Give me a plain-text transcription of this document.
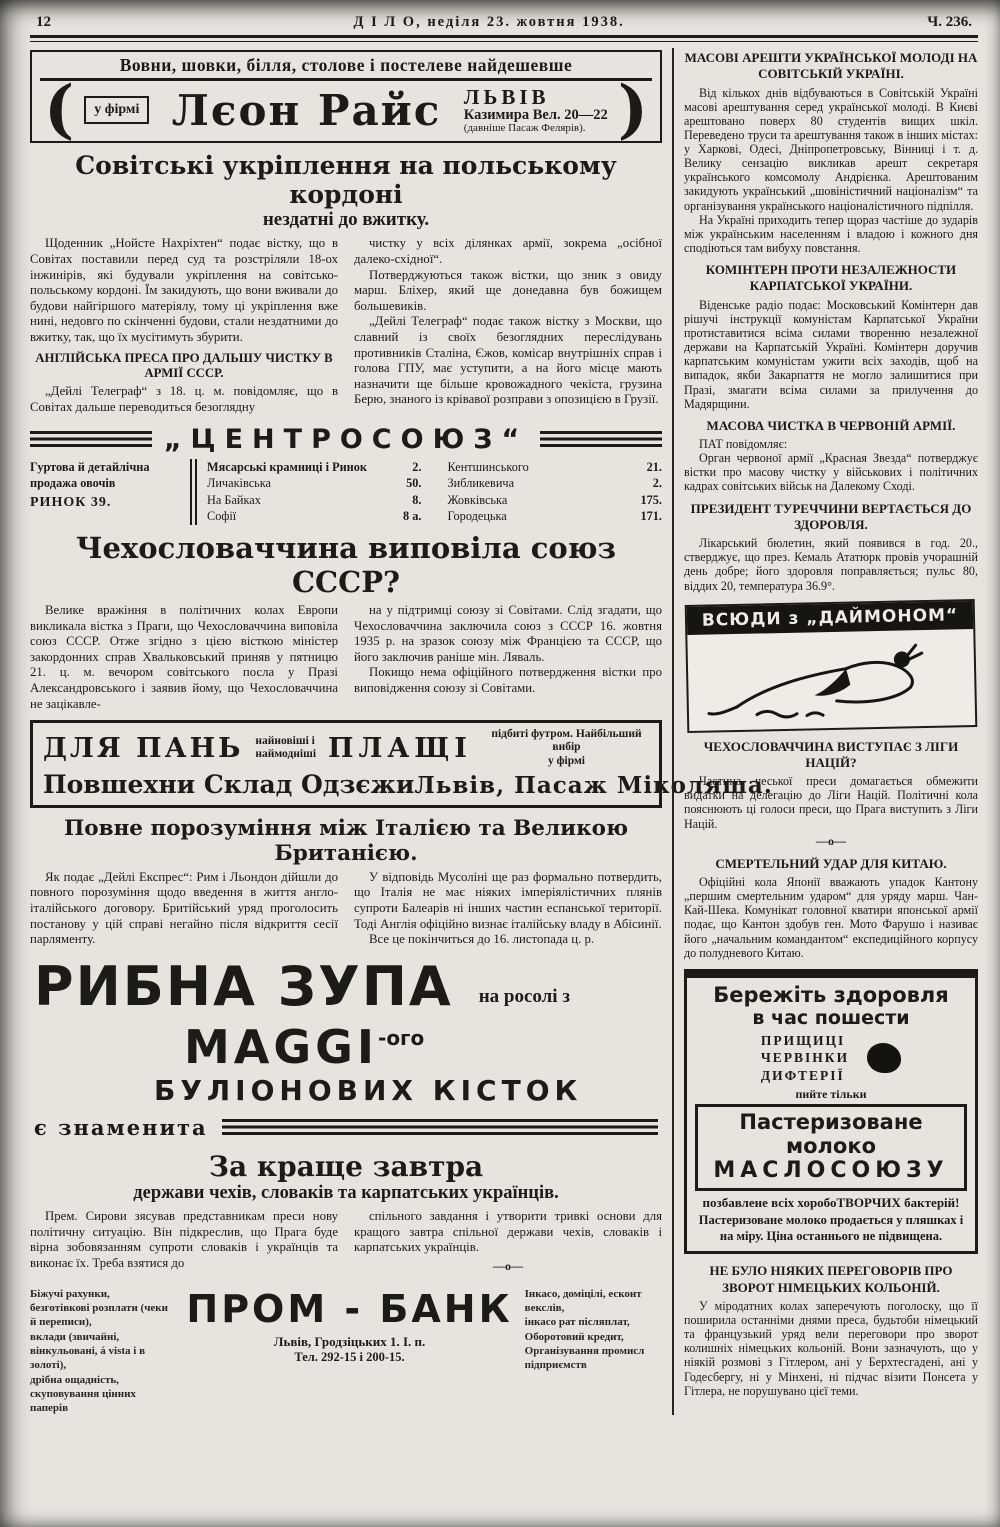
12	Д І Л О, неділя 23. жовтня 1938.	Ч. 236.
Вовни, шовки, білля, столове і постелеве найдешевше
(	у фірмі Лєон Райс	ЛЬВІВ
Казимира Вел. 20—22
(давніше Пасаж Фелярів). )
Совітські укріплення на польському кордоні
нездатні до вжитку.

Щоденник „Нойсте Нахріхтен“ подає вістку, що в Совітах поставили перед суд та розстріляли 18-ох інжинірів, які будували укріплення на совітсько-польському кордоні. Їм закидують, що вони вживали до будови найгіршого матеріялу, тому ці укріплення вже нині, недовго по скінченні будови, стали нездатними до вжитку, так, що їх мусітимуть збурити.

АНГЛІЙСЬКА ПРЕСА ПРО ДАЛЬШУ ЧИСТКУ В АРМІЇ СССР.

„Дейлі Телеграф“ з 18. ц. м. повідомляє, що в Совітах дальше переводиться безоглядну

чистку у всіх ділянках армії, зокрема „осібної далеко-східної“.

Потверджуються також вістки, що зник з овиду марш. Бліхер, який ще донедавна був божищем большевиків.

„Дейлі Телеграф“ подає також вістку з Москви, що славний із своїх безоглядних переслідувань противників Сталіна, Єжов, комісар внутрішніх справ і голова ГПУ, має уступити, а на його місце мають назначити ще більше кровожадного чекіста, грузина Берю, знаного із крівавої розправи з опозицією в Грузії.

„ЦЕНТРОСОЮЗ“
Гуртова й детайлічна
продажа овочів
РИНОК 39.
Мясарські крамниці і Ринок	2.
Личаківська	50.
На Байках	8.
Софії	8 а.
Кентшинського	21.
Зибликевича	2.
Жовківська	175.
Городецька	171.
Чехословаччина виповіла союз СССР?

Велике вражіння в політичних колах Европи викликала вістка з Праги, що Чехословаччина виповіла союз СССР. Отже згідно з цією вісткою міністер закордонних справ Хвальковський приняв у пятницю 21. ц. м. вечором совітського посла у Празі Александровського і заявив йому, що Чехословаччина не зацікавле-

на у підтримці союзу зі Совітами. Слід згадати, що Чехословаччина заключила союз з СССР 16. жовтня 1935 р. на зразок союзу між Францією та СССР, що його заключив раніше мін. Ляваль.

Покищо нема офіційного потвердження вістки про виповідження союзу зі Совітами.

ДЛЯ ПАНЬ найновіші і
наймодніші ПЛАЩІ	підбиті футром. Найбільший вибір
у фірмі
Повшехни Склад Одзєжи Львів, Пасаж Міколяша.
Повне порозуміння між Італією та Великою Британією.

Як подає „Дейлі Експрес“: Рим і Льондон дійшли до повного порозуміння щодо введення в життя англо-італійського договору. Бритійський уряд проголосить постанову у цій справі негайно після відкриття сесії парляменту.

У відповідь Мусоліні ще раз формально потвердить, що Італія не має ніяких імперіялістичних плянів супроти Балеарів ні інших частин еспанської території. Тоді Англія офіційно визнає італійську владу в Абісинії.

Все це покінчиться до 16. листопада ц. р.

РИБНА ЗУПА на росолі з
MAGGI-ого
БУЛІОНОВИХ КІСТОК
є знаменита
За краще завтра
держави чехів, словаків та карпатських українців.

Прем. Сирови зясував представникам преси нову політичну ситуацію. Він підкреслив, що Прага буде вірна зобовязанням супроти словаків і українців та виконає їх. Треба взятися до

спільного завдання і утворити тривкі основи для кращого завтра спільної держави чехів, словаків і карпатських українців.

—о—
Біжучі рахунки,
безготівкові розплати (чеки й переписи),
вклади (звичайні, вінкульовані, á vista і в золоті),
дрібна ощадність,
скуповування цінних паперів
ПРОМ - БАНК
Львів, Гродзіцьких 1. І. п.
Тел. 292-15 і 200-15.
Інкасо, доміцілі, есконт векслів,
інкасо рат післяплат,
Оборотовий кредит,
Організування промисл підприємств
МАСОВІ АРЕШТИ УКРАЇНСЬКОЇ МОЛОДІ НА СОВІТСЬКІЙ УКРАЇНІ.

Від кількох днів відбуваються в Совітській Україні масові арештування серед української молоді. В Києві арештовано поверх 80 студентів вищих шкіл. Переведено труси та арештування також в інших містах: у Харкові, Одесі, Дніпропетровську, Вінниці і т. д. Велику сензацію викликав арешт секретаря українського комсомолу Андрієнка. Арештованим закидують український „шовіністичний націоналізм“ та організування українського націоналістичного підпілля.

На Україні приходить тепер щораз частіше до зударів між українським населенням і владою і кожного дня сподіються там вибуху повстання.

КОМІНТЕРН ПРОТИ НЕЗАЛЕЖНОСТИ КАРПАТСЬКОЇ УКРАЇНИ.

Віденське радіо подає: Московський Комінтерн дав рішучі інструкції комуністам Карпатської України протиставитися всіма силами творенню незалежної держави на Карпатській Україні. Комінтерн доручив карпатським комуністам ужити всіх заходів, щоб на випадок, якби Закарпаття не могло залишитися при Празі, змагати всіма силами за прилучення до Мадярщини.

МАСОВА ЧИСТКА В ЧЕРВОНІЙ АРМІЇ.

ПАТ повідомляє:

Орган червоної армії „Красная Звезда“ потверджує вістки про масову чистку у військових і політичних кадрах совітських військ на Далекому Сході.

ПРЕЗИДЕНТ ТУРЕЧЧИНИ ВЕРТАЄТЬСЯ ДО ЗДОРОВЛЯ.

Лікарський бюлетин, який появився в год. 20., стверджує, що през. Кемаль Ататюрк провів учорашній день добре; його здоровля поправляється; пульс 80, віддих 20, температура 36.9°.

ВСЮДИ з „ДАЙМОНОМ“
ЧЕХОСЛОВАЧЧИНА ВИСТУПАЄ З ЛІГИ НАЦІЙ?

Частина чеської преси домагається обмежити видатки на делегацію до Ліги Націй. Політичні кола пояснюють ці голоси преси, що Прага виступить з Ліги Націй.

—о—
СМЕРТЕЛЬНИЙ УДАР ДЛЯ КИТАЮ.

Офіційні кола Японії вважають упадок Кантону „першим смертельним ударом“ для уряду марш. Чан-Кай-Шека. Комунікат головної кватири японської армії подає, що Кантон здобув ген. Мото Фарушо і називає його „начальним командантом“ експедиційного корпусу до полудневого Китаю.

Бережіть здоровля
в час пошести
ПРИЩИЦІ
ЧЕРВІНКИ
ДИФТЕРІЇ
пийте тільки
Пастеризоване молоко
МАСЛОСОЮЗУ
позбавлене всіх хоробоTBОРЧИХ бактерій!
Пастеризоване молоко продається у пляшках і на міру. Ціна останнього не підвищена.
НЕ БУЛО НІЯКИХ ПЕРЕГОВОРІВ ПРО ЗВОРОТ НІМЕЦЬКИХ КОЛЬОНІЙ.

У міродатних колах заперечують поголоску, що її поширила останніми днями преса, будьтоби німецький та французький уряд вели переговори про зворот колишніх німецьких кольоній. Вони зазначують, що у ніякій розмові з Гітлером, ані у Берхтесгадені, ані у Годесбергу, ні у Мінхені, ні підчас візити Понсета у Гітлера, не порушувано цієї теми.
